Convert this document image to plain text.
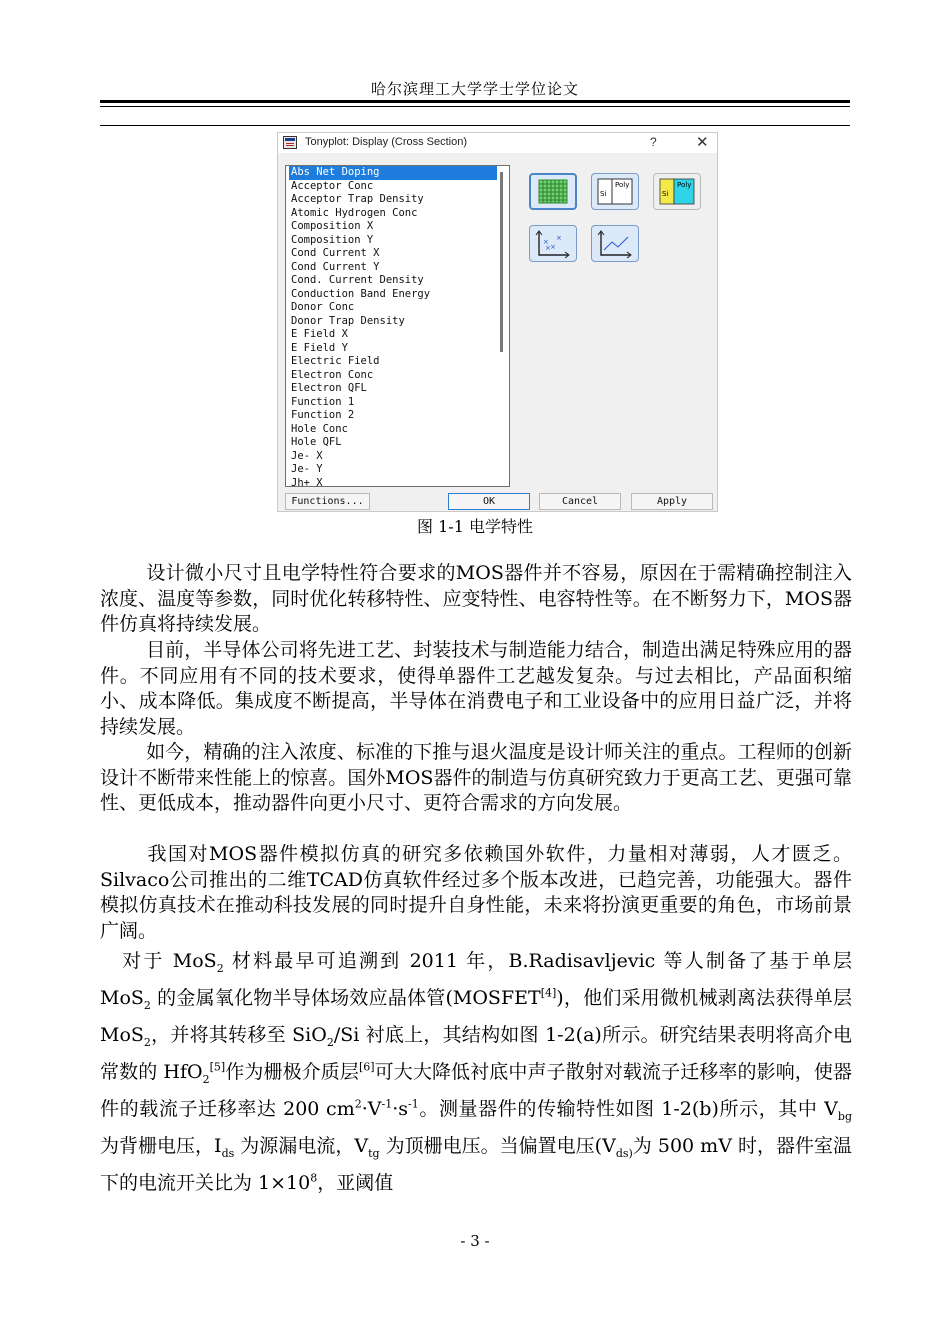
哈尔滨理工大学学士学位论文
Tonyplot: Display (Cross Section)	?	✕
Abs Net Doping
Acceptor Conc
Acceptor Trap Density
Atomic Hydrogen Conc
Composition X
Composition Y
Cond Current X
Cond Current Y
Cond. Current Density
Conduction Band Energy
Donor Conc
Donor Trap Density
E Field X
E Field Y
Electric Field
Electron Conc
Electron QFL
Function 1
Function 2
Hole Conc
Hole QFL
Je- X
Je- Y
Jh+ X
Si
Poly
Si
Poly
×
×
×
×
Functions...	OK	Cancel	Apply
图 1-1 电学特性
设计微小尺寸且电学特性符合要求的MOS器件并不容易，原因在于需精确控制注入浓度、温度等参数，同时优化转移特性、应变特性、电容特性等。在不断努力下，MOS器件仿真将持续发展。
目前，半导体公司将先进工艺、封装技术与制造能力结合，制造出满足特殊应用的器件。不同应用有不同的技术要求，使得单器件工艺越发复杂。与过去相比，产品面积缩小、成本降低。集成度不断提高，半导体在消费电子和工业设备中的应用日益广泛，并将持续发展。
如今，精确的注入浓度、标准的下推与退火温度是设计师关注的重点。工程师的创新设计不断带来性能上的惊喜。国外MOS器件的制造与仿真研究致力于更高工艺、更强可靠性、更低成本，推动器件向更小尺寸、更符合需求的方向发展。
我国对MOS器件模拟仿真的研究多依赖国外软件，力量相对薄弱，人才匮乏。Silvaco公司推出的二维TCAD仿真软件经过多个版本改进，已趋完善，功能强大。器件模拟仿真技术在推动科技发展的同时提升自身性能，未来将扮演更重要的角色，市场前景广阔。
对于 MoS$_2$ 材料最早可追溯到 2011 年，B.Radisavljevic 等人制备了基于单层 MoS$_2$ 的金属氧化物半导体场效应晶体管(MOSFET[4])，他们采用微机械剥离法获得单层 MoS$_2$，并将其转移至 SiO$_2$/Si 衬底上，其结构如图 1-2(a)所示。研究结果表明将高介电常数的 HfO$_2$[5]作为栅极介质层[6]可大大降低衬底中声子散射对载流子迁移率的影响，使器件的载流子迁移率达 200 $cm^2\cdot V^{-1}\cdot s^{-1}$。测量器件的传输特性如图 1-2(b)所示，其中 $V_{bg}$ 为背栅电压，$I_{ds}$ 为源漏电流，$V_{tg}$ 为顶栅电压。当偏置电压($V_{ds)}$为 500 mV 时，器件室温下的电流开关比为 $1\times 10^8$，亚阈值
- 3 -
